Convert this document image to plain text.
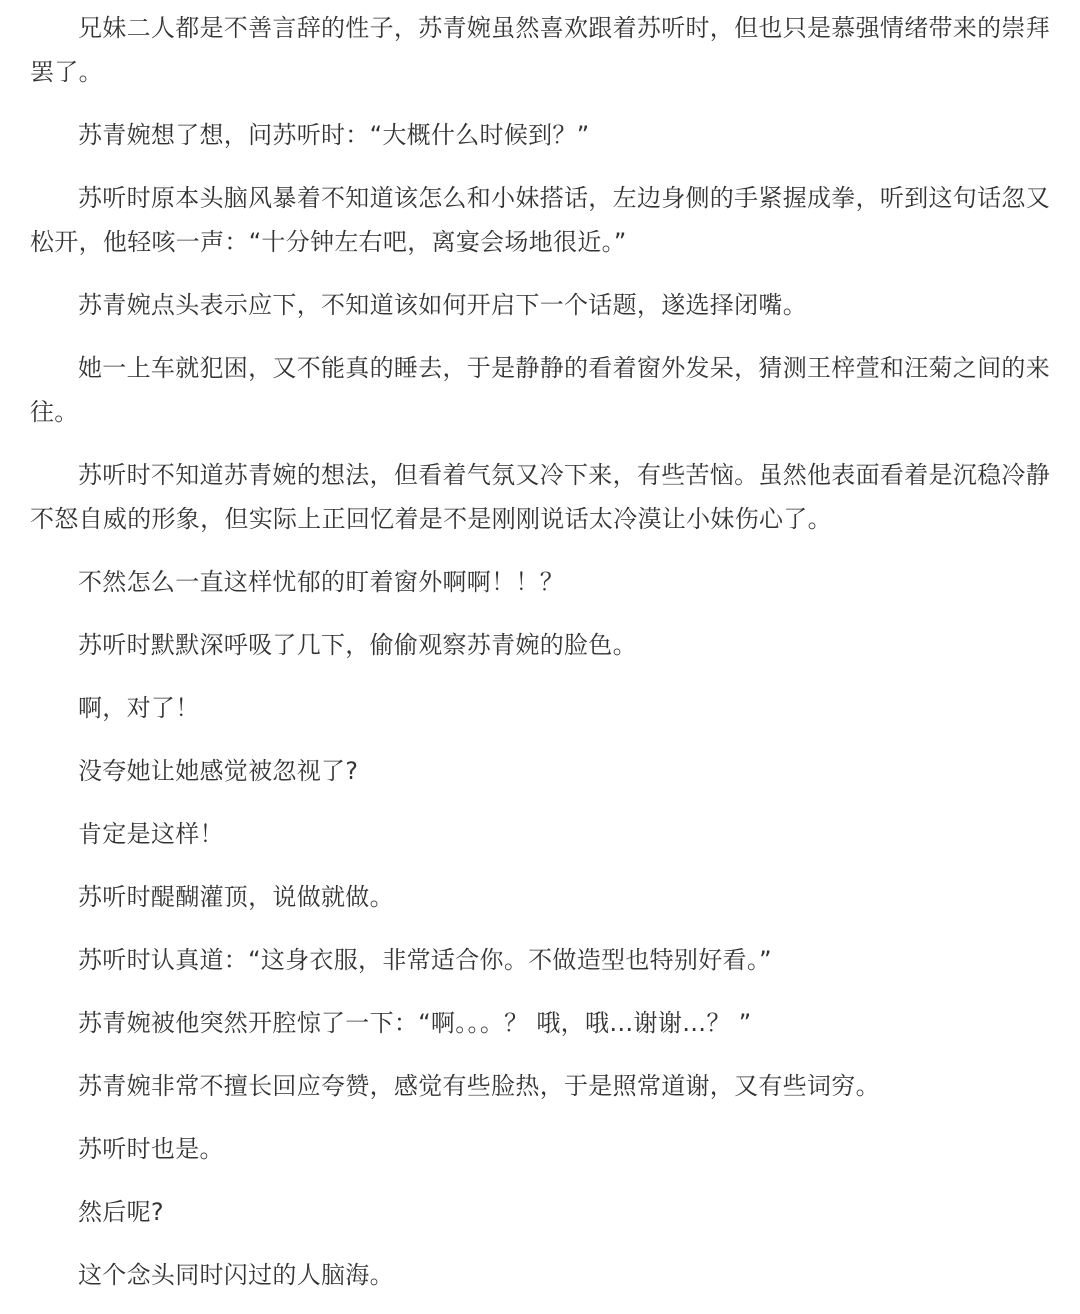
兄妹二人都是不善言辞的性子，苏青婉虽然喜欢跟着苏听时，但也只是慕强情绪带来的崇拜罢了。

苏青婉想了想，问苏听时：“大概什么时候到？”

苏听时原本头脑风暴着不知道该怎么和小妹搭话，左边身侧的手紧握成拳，听到这句话忽又松开，他轻咳一声：“十分钟左右吧，离宴会场地很近。”

苏青婉点头表示应下，不知道该如何开启下一个话题，遂选择闭嘴。

她一上车就犯困，又不能真的睡去，于是静静的看着窗外发呆，猜测王梓萱和汪菊之间的来往。

苏听时不知道苏青婉的想法，但看着气氛又冷下来，有些苦恼。虽然他表面看着是沉稳冷静不怒自威的形象，但实际上正回忆着是不是刚刚说话太冷漠让小妹伤心了。

不然怎么一直这样忧郁的盯着窗外啊啊！！？

苏听时默默深呼吸了几下，偷偷观察苏青婉的脸色。

啊，对了！

没夸她让她感觉被忽视了?

肯定是这样！

苏听时醍醐灌顶，说做就做。

苏听时认真道：“这身衣服，非常适合你。不做造型也特别好看。”

苏青婉被他突然开腔惊了一下：“啊。。。？ 哦，哦…谢谢…？ ”

苏青婉非常不擅长回应夸赞，感觉有些脸热，于是照常道谢，又有些词穷。

苏听时也是。

然后呢?

这个念头同时闪过的人脑海。
